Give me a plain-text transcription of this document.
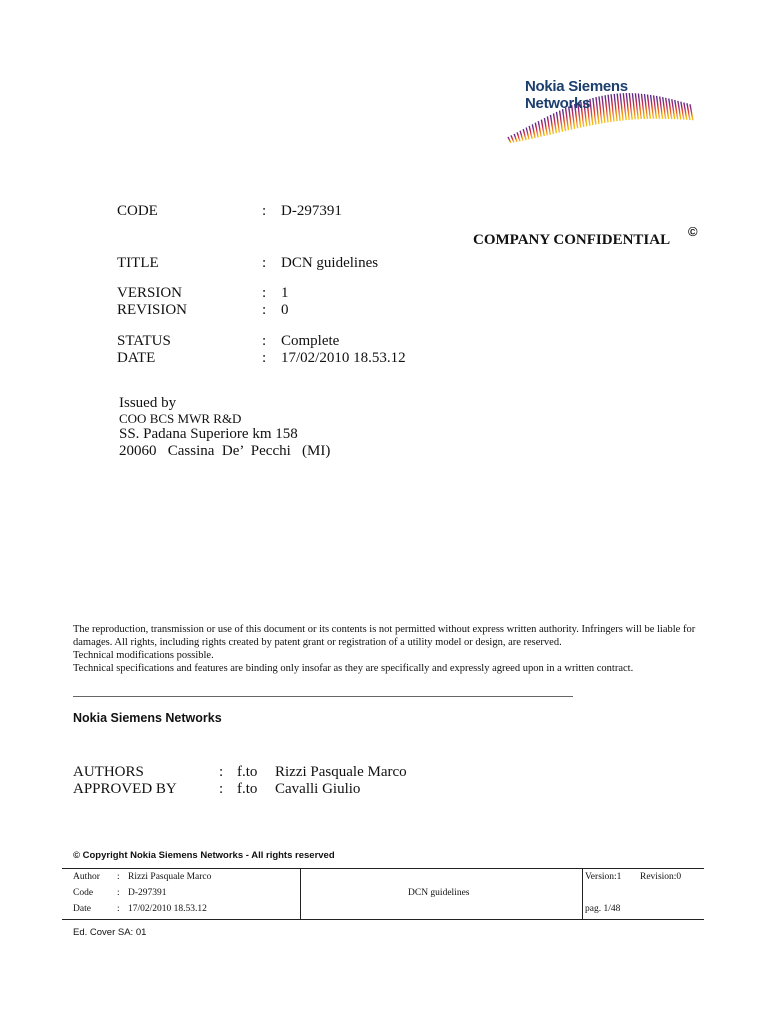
Nokia Siemens
Networks
CODE	: D-297391
COMPANY CONFIDENTIAL
©
TITLE	: DCN guidelines
VERSION	: 1
REVISION	: 0
STATUS	: Complete
DATE	: 17/02/2010 18.53.12
Issued by
COO BCS MWR R&D
SS. Padana Superiore km 158
20060   Cassina  De’  Pecchi   (MI)

The reproduction, transmission or use of this document or its contents is not permitted without express written authority. Infringers will be liable for damages. All rights, including rights created by patent grant or registration of a utility model or design, are reserved.

Technical modifications possible.

Technical specifications and features are binding only insofar as they are specifically and expressly agreed upon in a written contract.

Nokia Siemens Networks
AUTHORS	: f.to Rizzi Pasquale Marco
APPROVED BY	: f.to Cavalli Giulio
© Copyright Nokia Siemens Networks - All rights reserved
Author : Rizzi Pasquale Marco
Code	: D-297391
Date	: 17/02/2010 18.53.12
DCN guidelines
Version:1 Revision:0
pag. 1/48
Ed. Cover SA: 01
